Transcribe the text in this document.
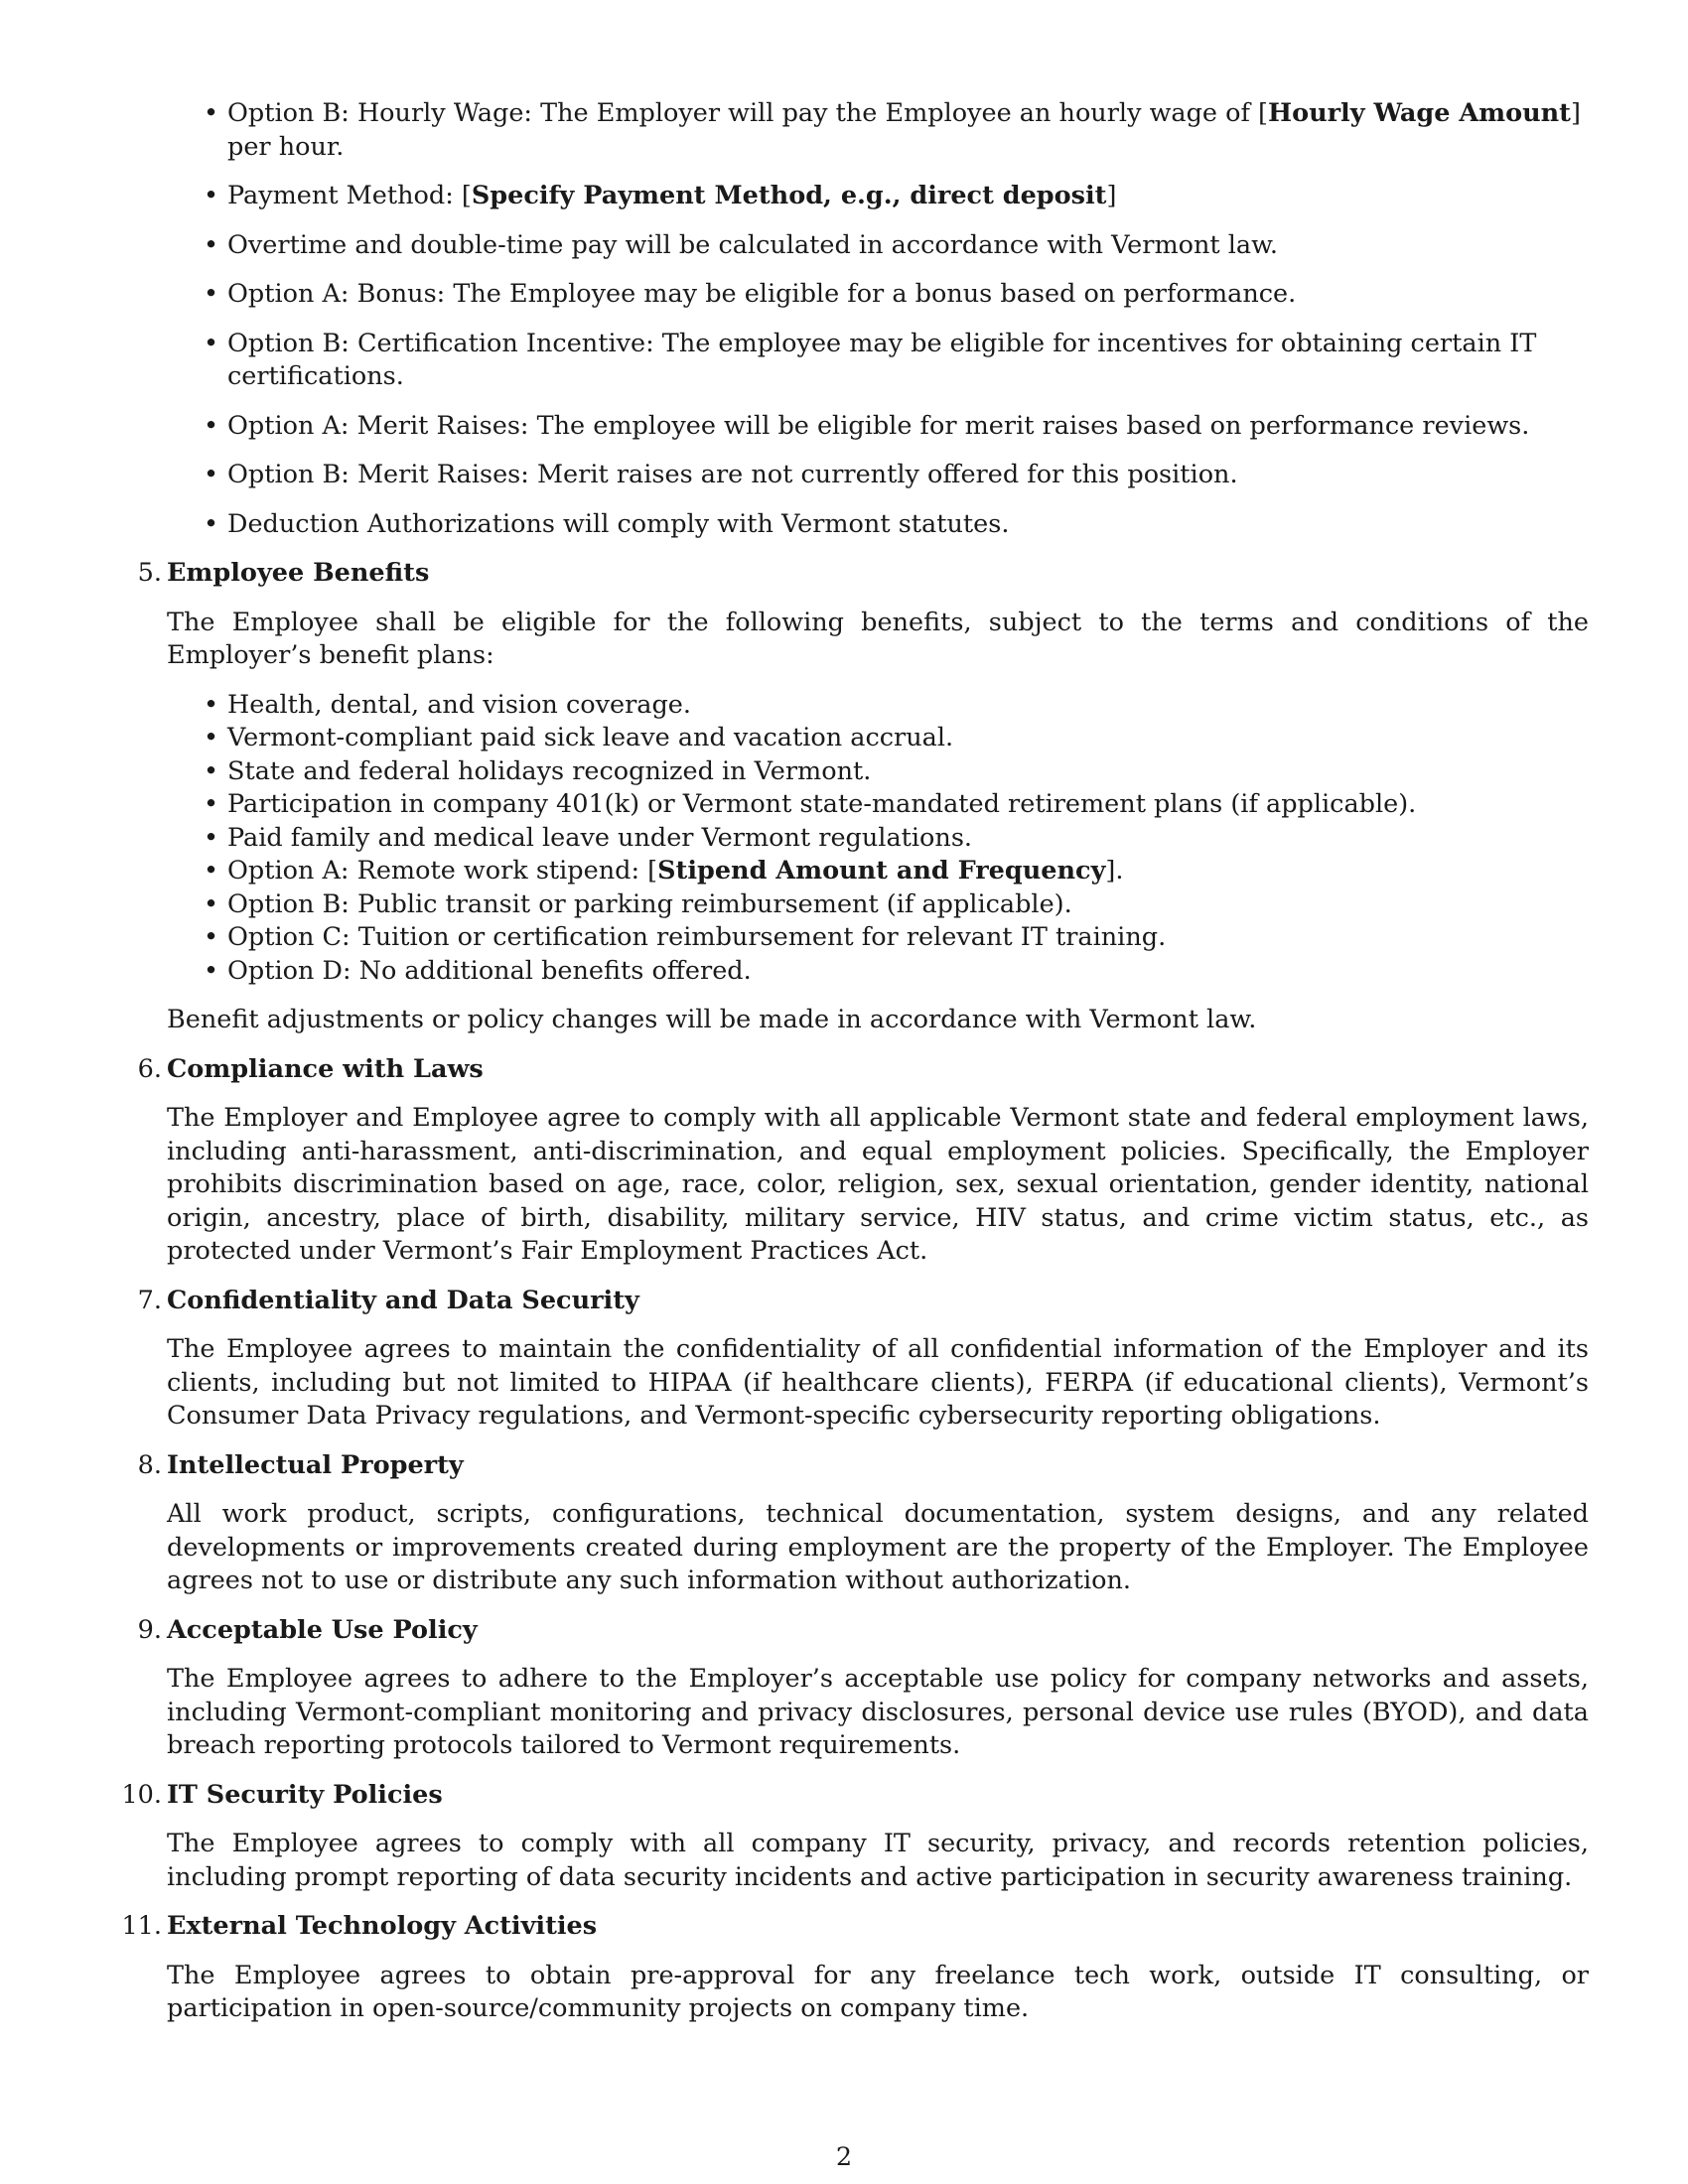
• Option B: Hourly Wage: The Employer will pay the Employee an hourly wage of [Hourly Wage Amount] per hour.
• Payment Method: [Specify Payment Method, e.g., direct deposit]
• Overtime and double-time pay will be calculated in accordance with Vermont law.
• Option A: Bonus: The Employee may be eligible for a bonus based on performance.
• Option B: Certification Incentive: The employee may be eligible for incentives for obtaining certain IT certifications.
• Option A: Merit Raises: The employee will be eligible for merit raises based on performance reviews.
• Option B: Merit Raises: Merit raises are not currently offered for this position.
• Deduction Authorizations will comply with Vermont statutes.
5. Employee Benefits
The Employee shall be eligible for the following benefits, subject to the terms and conditions of the Employer’s benefit plans:
• Health, dental, and vision coverage.
• Vermont-compliant paid sick leave and vacation accrual.
• State and federal holidays recognized in Vermont.
• Participation in company 401(k) or Vermont state-mandated retirement plans (if applicable).
• Paid family and medical leave under Vermont regulations.
• Option A: Remote work stipend: [Stipend Amount and Frequency].
• Option B: Public transit or parking reimbursement (if applicable).
• Option C: Tuition or certification reimbursement for relevant IT training.
• Option D: No additional benefits offered.
Benefit adjustments or policy changes will be made in accordance with Vermont law.
6. Compliance with Laws
The Employer and Employee agree to comply with all applicable Vermont state and federal employment laws, including anti-harassment, anti-discrimination, and equal employment policies. Specifically, the Employer prohibits discrimination based on age, race, color, religion, sex, sexual orientation, gender identity, national origin, ancestry, place of birth, disability, military service, HIV status, and crime victim status, etc., as protected under Vermont’s Fair Employment Practices Act.
7. Confidentiality and Data Security
The Employee agrees to maintain the confidentiality of all confidential information of the Employer and its clients, including but not limited to HIPAA (if healthcare clients), FERPA (if educational clients), Vermont’s Consumer Data Privacy regulations, and Vermont-specific cybersecurity reporting obligations.
8. Intellectual Property
All work product, scripts, configurations, technical documentation, system designs, and any related developments or improvements created during employment are the property of the Employer. The Employee agrees not to use or distribute any such information without authorization.
9. Acceptable Use Policy
The Employee agrees to adhere to the Employer’s acceptable use policy for company networks and assets, including Vermont-compliant monitoring and privacy disclosures, personal device use rules (BYOD), and data breach reporting protocols tailored to Vermont requirements.
10. IT Security Policies
The Employee agrees to comply with all company IT security, privacy, and records retention policies, including prompt reporting of data security incidents and active participation in security awareness training.
11. External Technology Activities
The Employee agrees to obtain pre-approval for any freelance tech work, outside IT consulting, or participation in open-source/community projects on company time.
2
